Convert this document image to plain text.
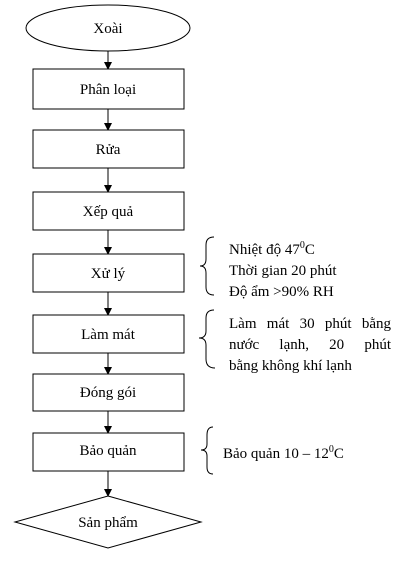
Xoài
Phân loại
Rửa
Xếp quả
Xử lý
Làm mát
Đóng gói
Bảo quản
Sản phẩm
Nhiệt độ $47^0C$
Thời gian 20 phút
Độ ẩm >90% RH
Làm mát 30 phút bằng
nước lạnh, 20 phút
bằng không khí lạnh
Bảo quản $10 - 12^0C$
